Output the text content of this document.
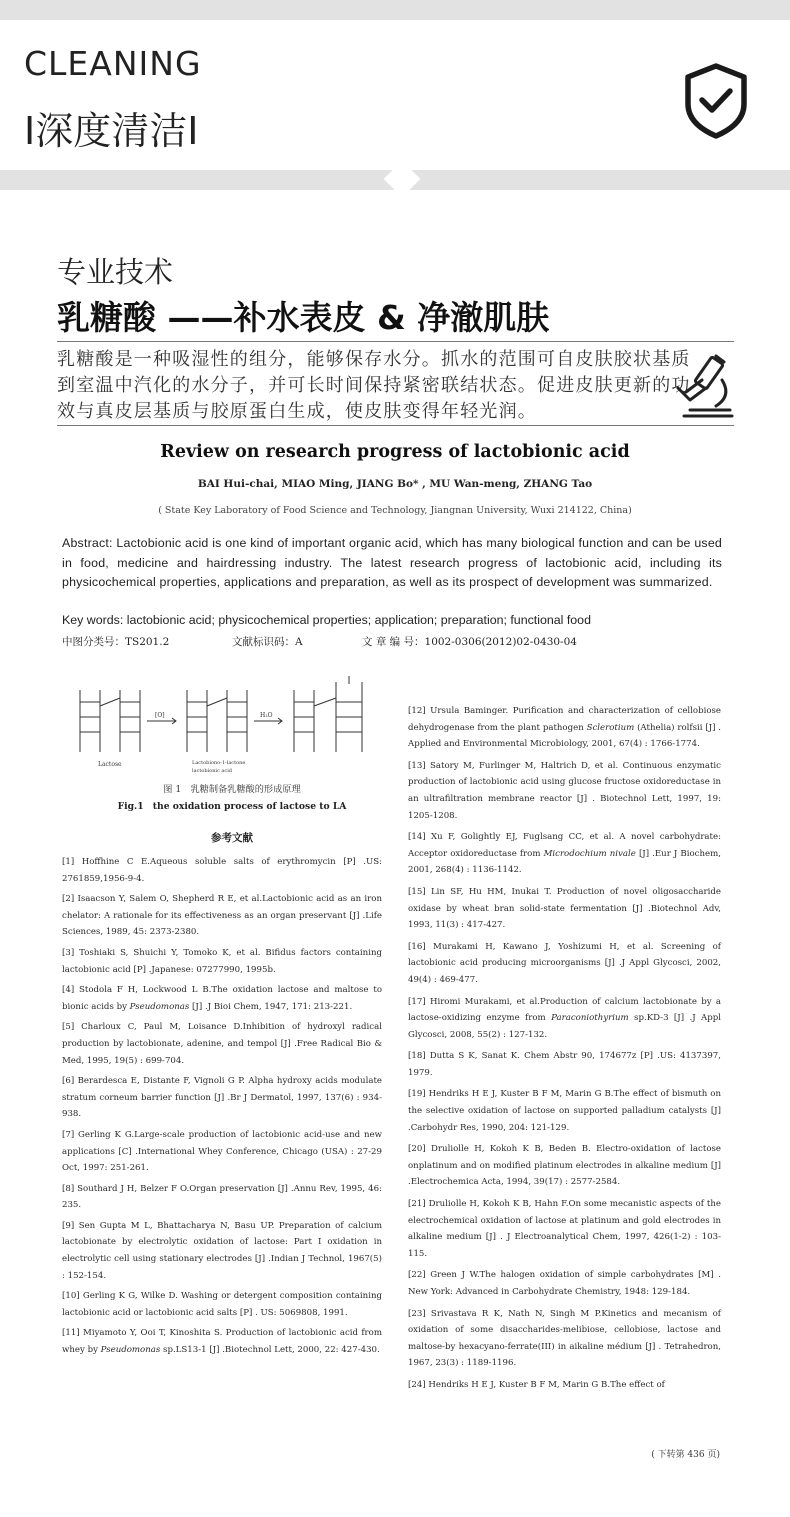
CLEANING
I深度清洁I
专业技术
乳糖酸 ——补水表皮 & 净澈肌肤
乳糖酸是一种吸湿性的组分，能够保存水分。抓水的范围可自皮肤胶状基质到室温中汽化的水分子，并可长时间保持紧密联结状态。促进皮肤更新的功效与真皮层基质与胶原蛋白生成，使皮肤变得年轻光润。
Review on research progress of lactobionic acid
BAI Hui-chai, MIAO Ming, JIANG Bo* , MU Wan-meng, ZHANG Tao
( State Key Laboratory of Food Science and Technology, Jiangnan University, Wuxi 214122, China)
Abstract: Lactobionic acid is one kind of important organic acid, which has many biological function and can be used in food, medicine and hairdressing industry. The latest research progress of lactobionic acid, including its physicochemical properties, applications and preparation, as well as its prospect of development was summarized.
Key words: lactobionic acid; physicochemical properties; application; preparation; functional food
中图分类号：TS201.2	文献标识码：A	文 章 编 号：1002-0306(2012)02-0430-04
Lactose	Lactobiono-1-lactone
lactobionic acid
[O]	H₂O
图 1　乳糖制备乳糖酸的形成原理
Fig.1　the oxidation process of lactose to LA
参考文献

[1] Hoffhine C E.Aqueous soluble salts of erythromycin [P] .US: 2761859,1956-9-4.

[2] Isaacson Y, Salem O, Shepherd R E, et al.Lactobionic acid as an iron chelator: A rationale for its effectiveness as an organ preservant [J] .Life Sciences, 1989, 45: 2373-2380.

[3] Toshiaki S, Shuichi Y, Tomoko K, et al. Bifidus factors containing lactobionic acid [P] .Japanese: 07277990, 1995b.

[4] Stodola F H, Lockwood L B.The oxidation lactose and maltose to bionic acids by Pseudomonas [J] .J Bioi Chem, 1947, 171: 213-221.

[5] Charloux C, Paul M, Loisance D.Inhibition of hydroxyl radical production by lactobionate, adenine, and tempol [J] .Free Radical Bio & Med, 1995, 19(5) : 699-704.

[6] Berardesca E, Distante F, Vignoli G P. Alpha hydroxy acids modulate stratum corneum barrier function [J] .Br J Dermatol, 1997, 137(6) : 934-938.

[7] Gerling K G.Large-scale production of lactobionic acid-use and new applications [C] .International Whey Conference, Chicago (USA) : 27-29 Oct, 1997: 251-261.

[8] Southard J H, Belzer F O.Organ preservation [J] .Annu Rev, 1995, 46: 235.

[9] Sen Gupta M L, Bhattacharya N, Basu UP. Preparation of calcium lactobionate by electrolytic oxidation of lactose: Part I oxidation in electrolytic cell using stationary electrodes [J] .Indian J Technol, 1967(5) : 152-154.

[10] Gerling K G, Wilke D. Washing or detergent composition containing lactobionic acid or lactobionic acid salts [P] . US: 5069808, 1991.

[11] Miyamoto Y, Ooi T, Kinoshita S. Production of lactobionic acid from whey by Pseudomonas sp.LS13-1 [J] .Biotechnol Lett, 2000, 22: 427-430.

[12] Ursula Baminger. Purification and characterization of cellobiose dehydrogenase from the plant pathogen Sclerotium (Athelia) rolfsii [J] . Applied and Environmental Microbiology, 2001, 67(4) : 1766-1774.

[13] Satory M, Furlinger M, Haltrich D, et al. Continuous enzymatic production of lactobionic acid using glucose fructose oxidoreductase in an ultrafiltration membrane reactor [J] . Biotechnol Lett, 1997, 19: 1205-1208.

[14] Xu F, Golightly EJ, Fuglsang CC, et al. A novel carbohydrate: Acceptor oxidoreductase from Microdochium nivale [J] .Eur J Biochem, 2001, 268(4) : 1136-1142.

[15] Lin SF, Hu HM, Inukai T. Production of novel oligosaccharide oxidase by wheat bran solid-state fermentation [J] .Biotechnol Adv, 1993, 11(3) : 417-427.

[16] Murakami H, Kawano J, Yoshizumi H, et al. Screening of lactobionic acid producing microorganisms [J] .J Appl Glycosci, 2002, 49(4) : 469-477.

[17] Hiromi Murakami, et al.Production of calcium lactobionate by a lactose-oxidizing enzyme from Paraconiothyrium sp.KD-3 [J] .J Appl Glycosci, 2008, 55(2) : 127-132.

[18] Dutta S K, Sanat K. Chem Abstr 90, 174677z [P] .US: 4137397, 1979.

[19] Hendriks H E J, Kuster B F M, Marin G B.The effect of bismuth on the selective oxidation of lactose on supported palladium catalysts [J] .Carbohydr Res, 1990, 204: 121-129.

[20] Druliolle H, Kokoh K B, Beden B. Electro-oxidation of lactose onplatinum and on modified platinum electrodes in alkaline medium [J] .Electrochemica Acta, 1994, 39(17) : 2577-2584.

[21] Druliolle H, Kokoh K B, Hahn F.On some mecanistic aspects of the electrochemical oxidation of lactose at platinum and gold electrodes in alkaline medium [J] . J Electroanalytical Chem, 1997, 426(1-2) : 103-115.

[22] Green J W.The halogen oxidation of simple carbohydrates [M] . New York: Advanced in Carbohydrate Chemistry, 1948: 129-184.

[23] Srivastava R K, Nath N, Singh M P.Kinetics and mecanism of oxidation of some disaccharides-melibiose, cellobiose, lactose and maltose-by hexacyano-ferrate(III) in aikaline médium [J] . Tetrahedron, 1967, 23(3) : 1189-1196.

[24] Hendriks H E J, Kuster B F M, Marin G B.The effect of

( 下转第 436 页)
